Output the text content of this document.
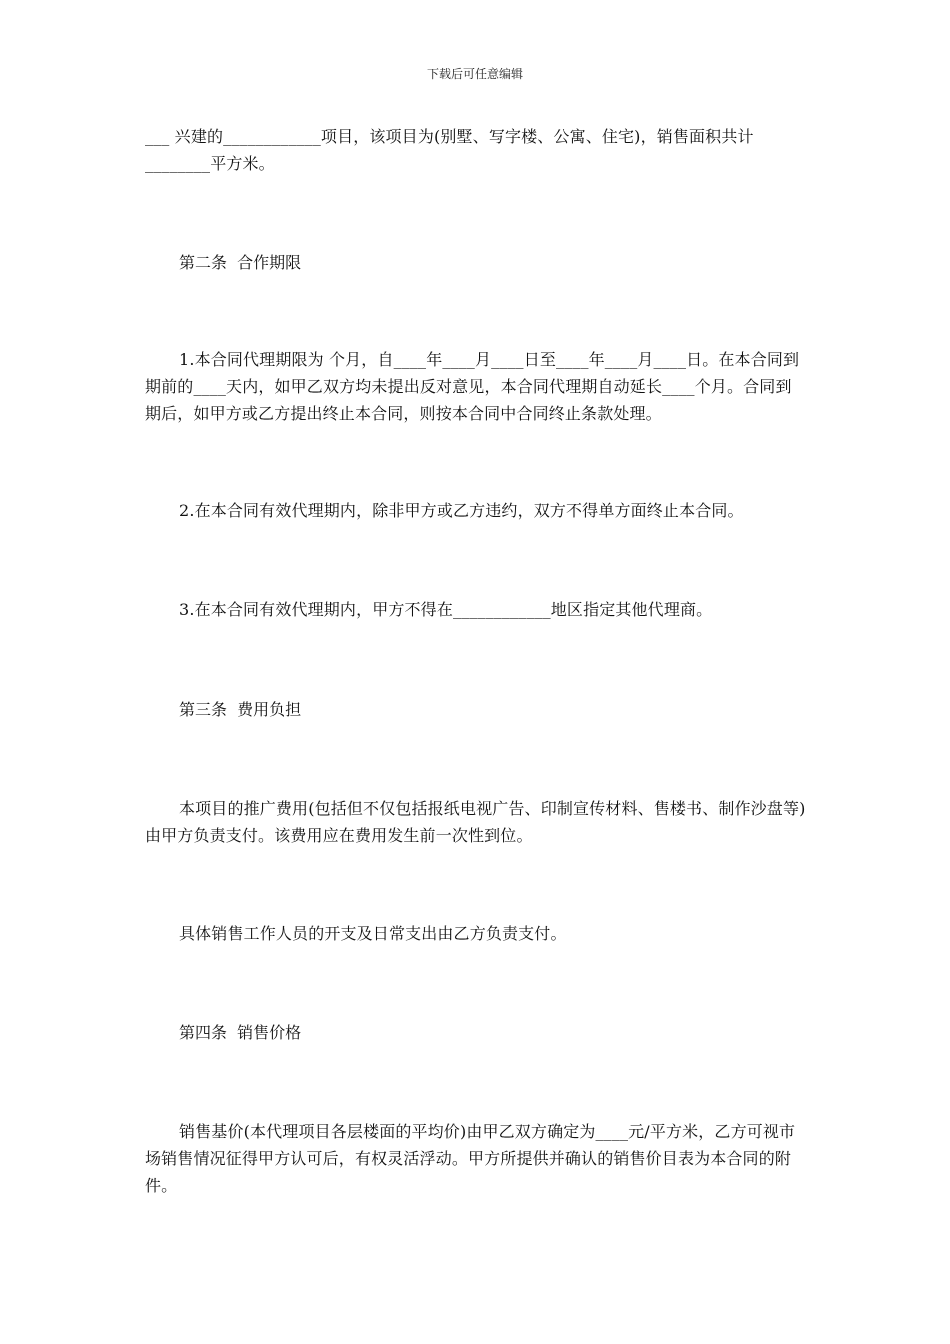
下载后可任意编辑

___ 兴建的____________项目，该项目为(别墅、写字楼、公寓、住宅)，销售面积共计________平方米。

第二条  合作期限

1.本合同代理期限为 个月，自____年____月____日至____年____月____日。在本合同到期前的____天内，如甲乙双方均未提出反对意见，本合同代理期自动延长____个月。合同到期后，如甲方或乙方提出终止本合同，则按本合同中合同终止条款处理。

2.在本合同有效代理期内，除非甲方或乙方违约，双方不得单方面终止本合同。

3.在本合同有效代理期内，甲方不得在____________地区指定其他代理商。

第三条  费用负担

本项目的推广费用(包括但不仅包括报纸电视广告、印制宣传材料、售楼书、制作沙盘等)由甲方负责支付。该费用应在费用发生前一次性到位。

具体销售工作人员的开支及日常支出由乙方负责支付。

第四条  销售价格

销售基价(本代理项目各层楼面的平均价)由甲乙双方确定为____元/平方米，乙方可视市场销售情况征得甲方认可后，有权灵活浮动。甲方所提供并确认的销售价目表为本合同的附件。
